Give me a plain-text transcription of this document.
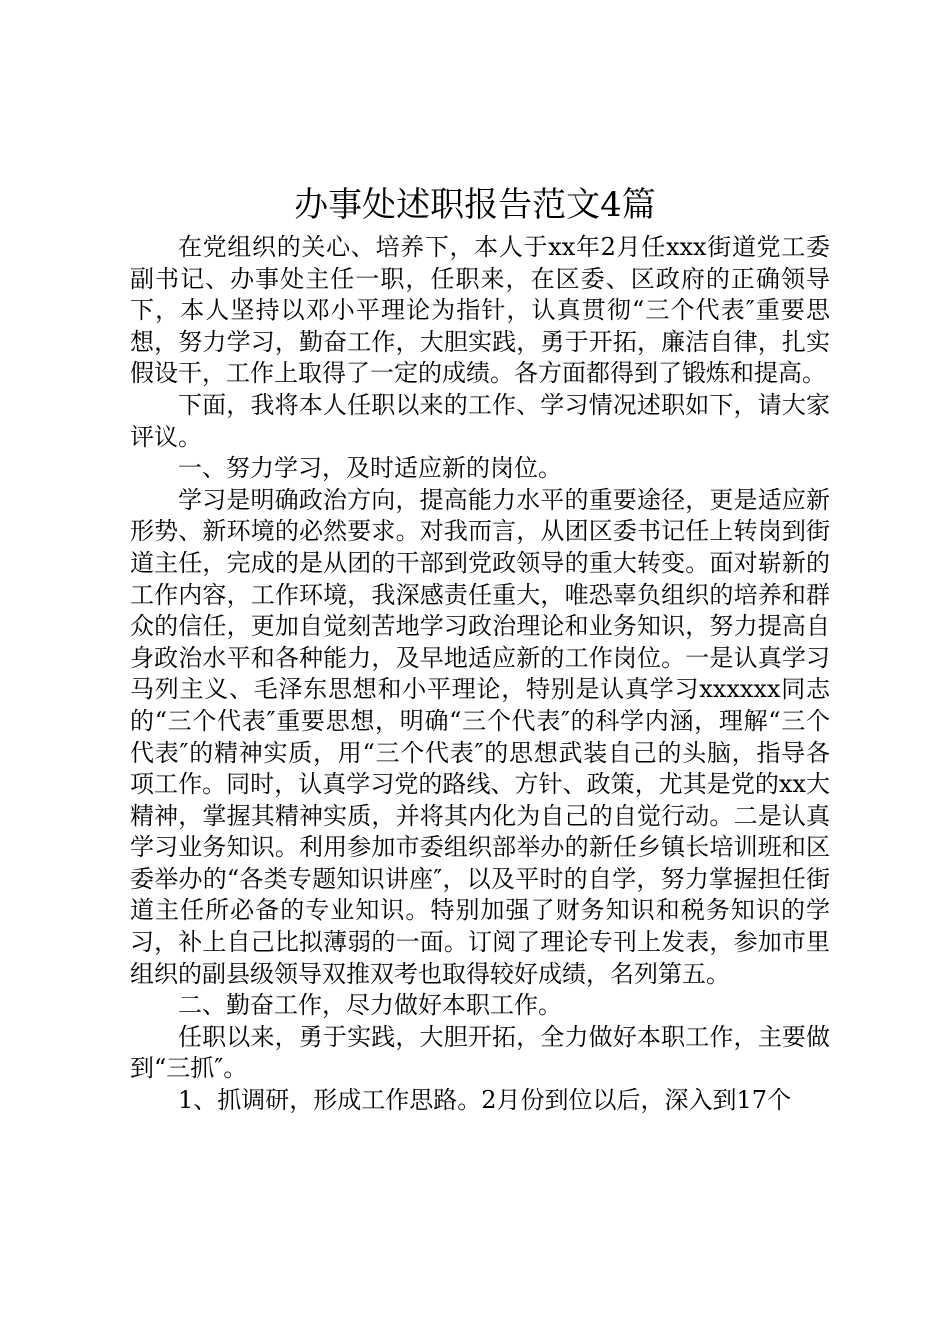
办事处述职报告范文4篇

在党组织的关心、培养下，本人于xx年2月任xxx街道党工委副书记、办事处主任一职，任职来，在区委、区政府的正确领导下，本人坚持以邓小平理论为指针，认真贯彻“三个代表″重要思想，努力学习，勤奋工作，大胆实践，勇于开拓，廉洁自律，扎实假设干，工作上取得了一定的成绩。各方面都得到了锻炼和提高。

下面，我将本人任职以来的工作、学习情况述职如下，请大家评议。

一、努力学习，及时适应新的岗位。

学习是明确政治方向，提高能力水平的重要途径，更是适应新形势、新环境的必然要求。对我而言，从团区委书记任上转岗到街道主任，完成的是从团的干部到党政领导的重大转变。面对崭新的工作内容，工作环境，我深感责任重大，唯恐辜负组织的培养和群众的信任，更加自觉刻苦地学习政治理论和业务知识，努力提高自身政治水平和各种能力，及早地适应新的工作岗位。一是认真学习马列主义、毛泽东思想和小平理论，特别是认真学习xxxxxx同志的“三个代表″重要思想，明确“三个代表″的科学内涵，理解“三个代表″的精神实质，用“三个代表″的思想武装自己的头脑，指导各项工作。同时，认真学习党的路线、方针、政策，尤其是党的xx大精神，掌握其精神实质，并将其内化为自己的自觉行动。二是认真学习业务知识。利用参加市委组织部举办的新任乡镇长培训班和区委举办的“各类专题知识讲座″，以及平时的自学，努力掌握担任街道主任所必备的专业知识。特别加强了财务知识和税务知识的学习，补上自己比拟薄弱的一面。订阅了理论专刊上发表，参加市里组织的副县级领导双推双考也取得较好成绩，名列第五。

二、勤奋工作，尽力做好本职工作。

任职以来，勇于实践，大胆开拓，全力做好本职工作，主要做到“三抓″。

1、抓调研，形成工作思路。2月份到位以后，深入到17个
